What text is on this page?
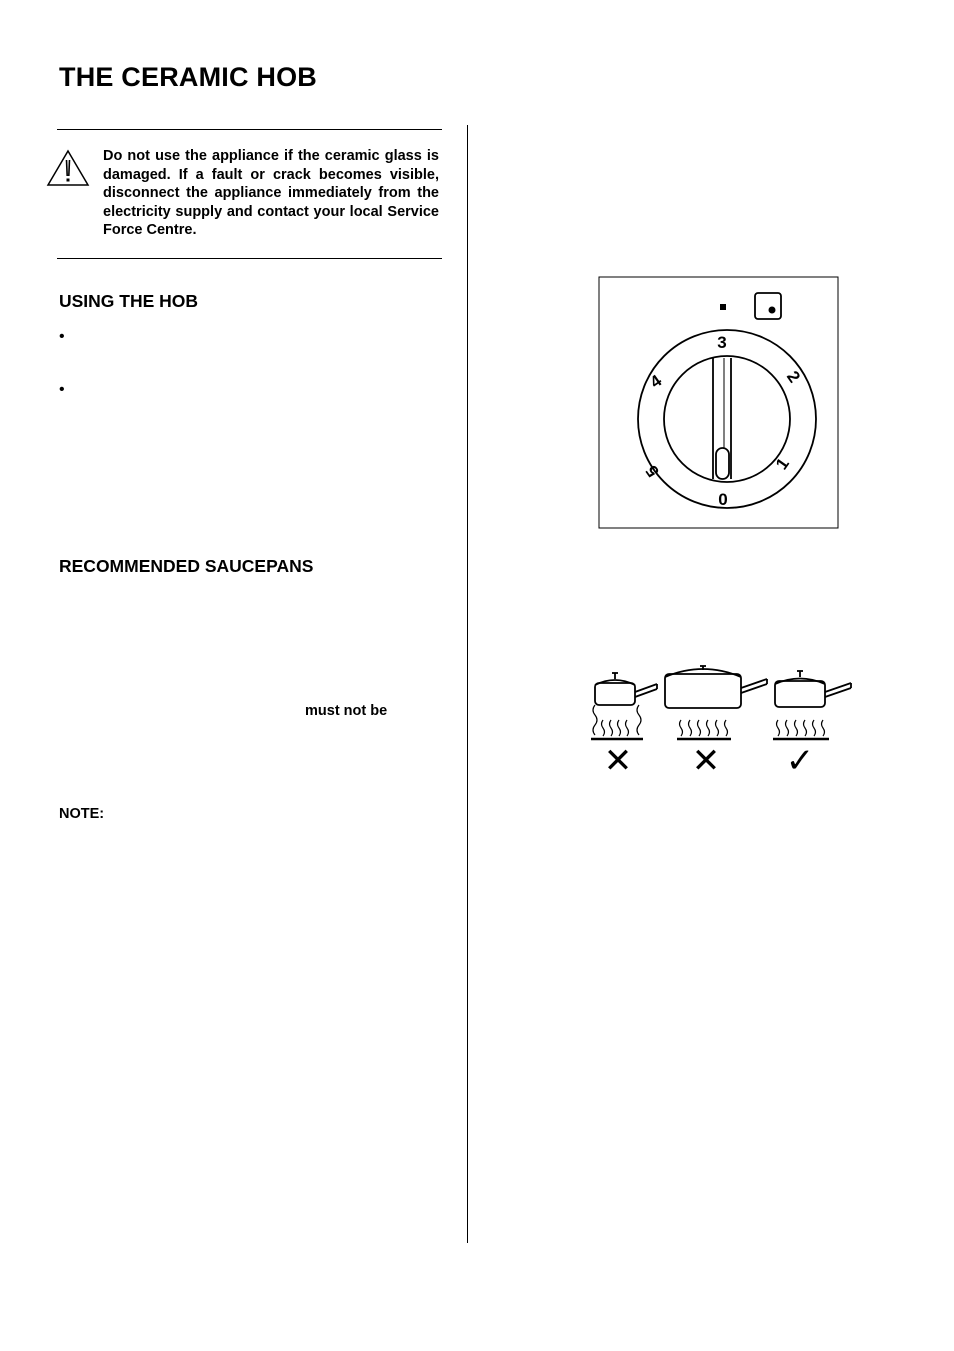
THE CERAMIC HOB

Do not use the appliance if the ceramic glass is damaged. If a fault or crack becomes visible, disconnect the appliance immediately from the electricity supply and contact your local Service Force Centre.

USING THE HOB
•
•
RECOMMENDED SAUCEPANS
must not be
NOTE:
0
1
2
3
4
5
✕ ✕ ✓
